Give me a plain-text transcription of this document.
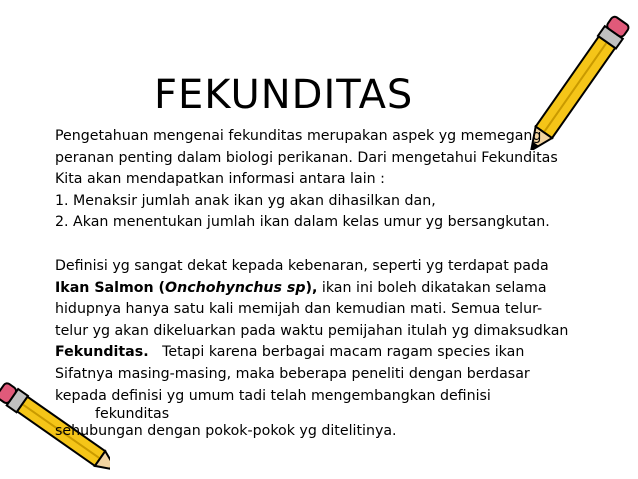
FEKUNDITAS
Pengetahuan mengenai fekunditas merupakan aspek yg memegang
peranan penting dalam biologi perikanan. Dari mengetahui Fekunditas
Kita akan mendapatkan informasi antara lain :
1. Menaksir jumlah anak ikan yg akan dihasilkan dan,
2. Akan menentukan jumlah ikan dalam kelas umur yg bersangkutan.
Definisi yg sangat dekat kepada kebenaran, seperti yg terdapat pada
Ikan Salmon (Onchohynchus sp), ikan ini boleh dikatakan selama
hidupnya hanya satu kali memijah dan kemudian mati. Semua telur-
telur yg akan dikeluarkan pada waktu pemijahan itulah yg dimaksudkan
Fekunditas.   Tetapi karena berbagai macam ragam species ikan
Sifatnya masing-masing, maka beberapa peneliti dengan berdasar
kepada definisi yg umum tadi telah mengembangkan definisi
sehubungan dengan pokok-pokok yg ditelitinya.
fekunditas
